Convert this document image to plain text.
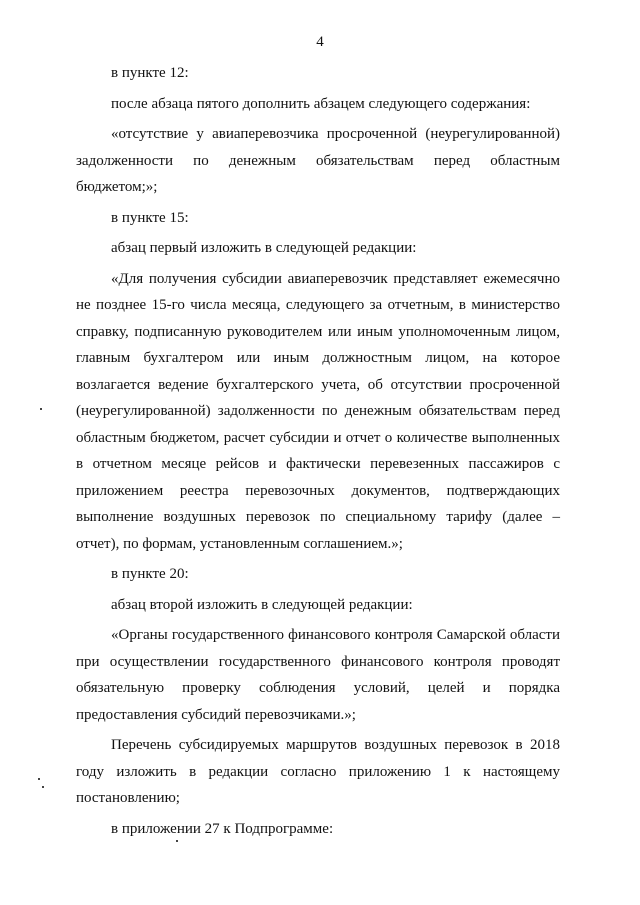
4

в пункте 12:

после абзаца пятого дополнить абзацем следующего содержания:

«отсутствие у авиаперевозчика просроченной (неурегулированной) задолженности по денежным обязательствам перед областным бюджетом;»;

в пункте 15:

абзац первый изложить в следующей редакции:

«Для получения субсидии авиаперевозчик представляет ежемесячно не позднее 15-го числа месяца, следующего за отчетным, в министерство справку, подписанную руководителем или иным уполномоченным лицом, главным бухгалтером или иным должностным лицом, на которое возлагается ведение бухгалтерского учета, об отсутствии просроченной (неурегулированной) задолженности по денежным обязательствам перед областным бюджетом, расчет субсидии и отчет о количестве выполненных в отчетном месяце рейсов и фактически перевезенных пассажиров с приложением реестра перевозочных документов, подтверждающих выполнение воздушных перевозок по специальному тарифу (далее – отчет), по формам, установленным соглашением.»;

в пункте 20:

абзац второй изложить в следующей редакции:

«Органы государственного финансового контроля Самарской области при осуществлении государственного финансового контроля проводят обязательную проверку соблюдения условий, целей и порядка предоставления субсидий перевозчиками.»;

Перечень субсидируемых маршрутов воздушных перевозок в 2018 году изложить в редакции согласно приложению 1 к настоящему постановлению;

в приложении 27 к Подпрограмме:
